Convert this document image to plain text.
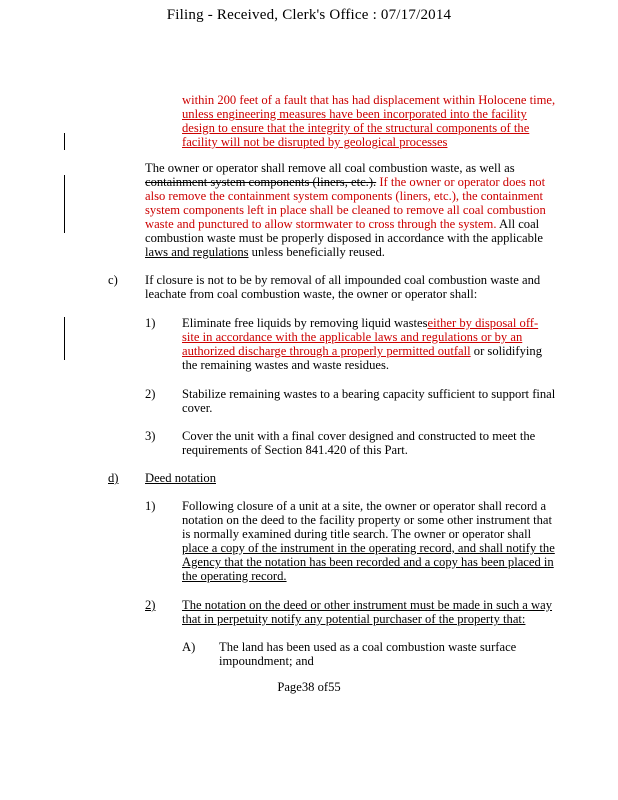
Filing - Received, Clerk's Office : 07/17/2014
within 200 feet of a fault that has had displacement within Holocene time,
unless engineering measures have been incorporated into the facility
design to ensure that the integrity of the structural components of the
facility will not be disrupted by geological processes
The owner or operator shall remove all coal combustion waste, as well as
containment system components (liners, etc.). If the owner or operator does not
also remove the containment system components (liners, etc.), the containment
system components left in place shall be cleaned to remove all coal combustion
waste and punctured to allow stormwater to cross through the system. All coal
combustion waste must be properly disposed in accordance with the applicable
laws and regulations unless beneficially reused.
c) If closure is not to be by removal of all impounded coal combustion waste and
leachate from coal combustion waste, the owner or operator shall:
1) Eliminate free liquids by removing liquid wasteseither by disposal off-
site in accordance with the applicable laws and regulations or by an
authorized discharge through a properly permitted outfall or solidifying
the remaining wastes and waste residues.
2) Stabilize remaining wastes to a bearing capacity sufficient to support final
cover.
3) Cover the unit with a final cover designed and constructed to meet the
requirements of Section 841.420 of this Part.
d) Deed notation
1) Following closure of a unit at a site, the owner or operator shall record a
notation on the deed to the facility property or some other instrument that
is normally examined during title search. The owner or operator shall
place a copy of the instrument in the operating record, and shall notify the
Agency that the notation has been recorded and a copy has been placed in
the operating record.
2) The notation on the deed or other instrument must be made in such a way
that in perpetuity notify any potential purchaser of the property that:
A) The land has been used as a coal combustion waste surface
impoundment; and
Page38 of55
